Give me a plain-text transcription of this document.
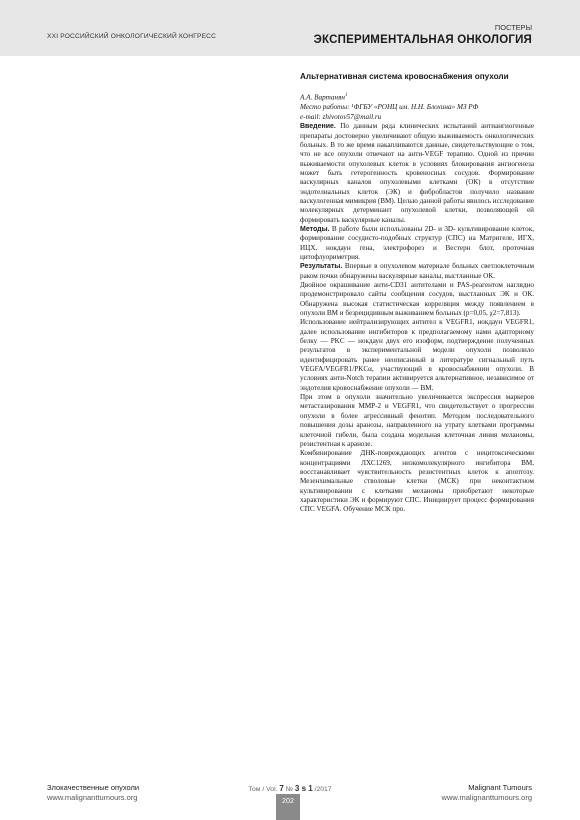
XXI РОССИЙСКИЙ ОНКОЛОГИЧЕСКИЙ КОНГРЕСС
ПОСТЕРЫ
ЭКСПЕРИМЕНТАЛЬНАЯ ОНКОЛОГИЯ
Альтернативная система кровоснабжения опухоли
А.А. Вартанян$^1$
Место работы: ¹ФГБУ «РОНЦ им. Н.Н. Блохина» МЗ РФ
e-mail: zhivotov57@mail.ru

Введение. По данным ряда клинических испытаний антиангиогенные препараты достоверно увеличивают общую выживаемость онкологических больных. В то же время накапливаются данные, свидетельствующие о том, что не все опухоли отвечают на анти-VEGF терапию. Одной из причин выживаемости опухолевых клеток в условиях блокирования ангиогенеза может быть гетерогенность кровеносных сосудов. Формирование васкулярных каналов опухолевыми клетками (ОК) в отсутствие эндотелиальных клеток (ЭК) и фибробластов получило название васкулогенная мимикрия (ВМ). Целью данной работы явилось исследование молекулярных детерминант опухолевой клетки, позволяющей ей формировать васкулярные каналы.

Методы. В работе были использованы 2D- и 3D- культивирование клеток, формирование сосудисто-подобных структур (СПС) на Матригеле, ИГХ, ИЦХ, нокдаун гена, электрофорез и Вестерн блот, проточная цитофлуориметрия.

Результаты. Впервые в опухолевом материале больных светлоклеточным раком почки обнаружены васкулярные каналы, выстланные ОК.

Двойное окрашивание анти-CD31 антителами и PAS-реагентом наглядно продемонстрировало сайты сообщения сосудов, выстланных ЭК и ОК. Обнаружена высокая статистическая корреляция между появлением в опухоли ВМ и безрецидивным выживанием больных (p=0,05, χ2=7,813).

Использование нейтрализирующих антител к VEGFR1, нокдаун VEGFR1, далее использование ингибиторов к предполагаемому нами адапторному белку — PKC — нокдаун двух его изоформ, подтверждение полученных результатов в экспериментальной модели опухоли позволило идентифицировать ранее неописанный в литературе сигнальный путь VEGFA/VEGFR1/PKCα, участвующий в кровоснабжении опухоли. В условиях анти-Notch терапии активируется альтернативное, независимое от эндотелия кровоснабжение опухоли — ВМ.

При этом в опухоли значительно увеличивается экспрессия маркеров метастазирования MMP-2 и VEGFR1, что свидетельствует о прогрессии опухоли в более агрессивный фенотип. Методом последовательного повышения дозы аранозы, направленного на утрату клетками программы клеточной гибели, была создана модельная клеточная линия меланомы, резистентная к аранозе.

Комбинирование ДНК-повреждающих агентов с нецитоксическими концентрациями ЛХС1269, низкомолекулярного ингибитора ВМ, восстанавливает чувствительность резистентных клеток к апоптозу. Мезенхимальные стволовые клетки (МСК) при неконтактном культивировании с клетками меланомы приобретают некоторые характеристики ЭК и формируют СПС. Инициирует процесс формирования СПС VEGFA. Обучение МСК про.

Злокачественные опухоли
www.malignanttumours.org
Том / Vol. 7 № 3 s 1 /2017
202
Malignant Tumours
www.malignanttumours.org
